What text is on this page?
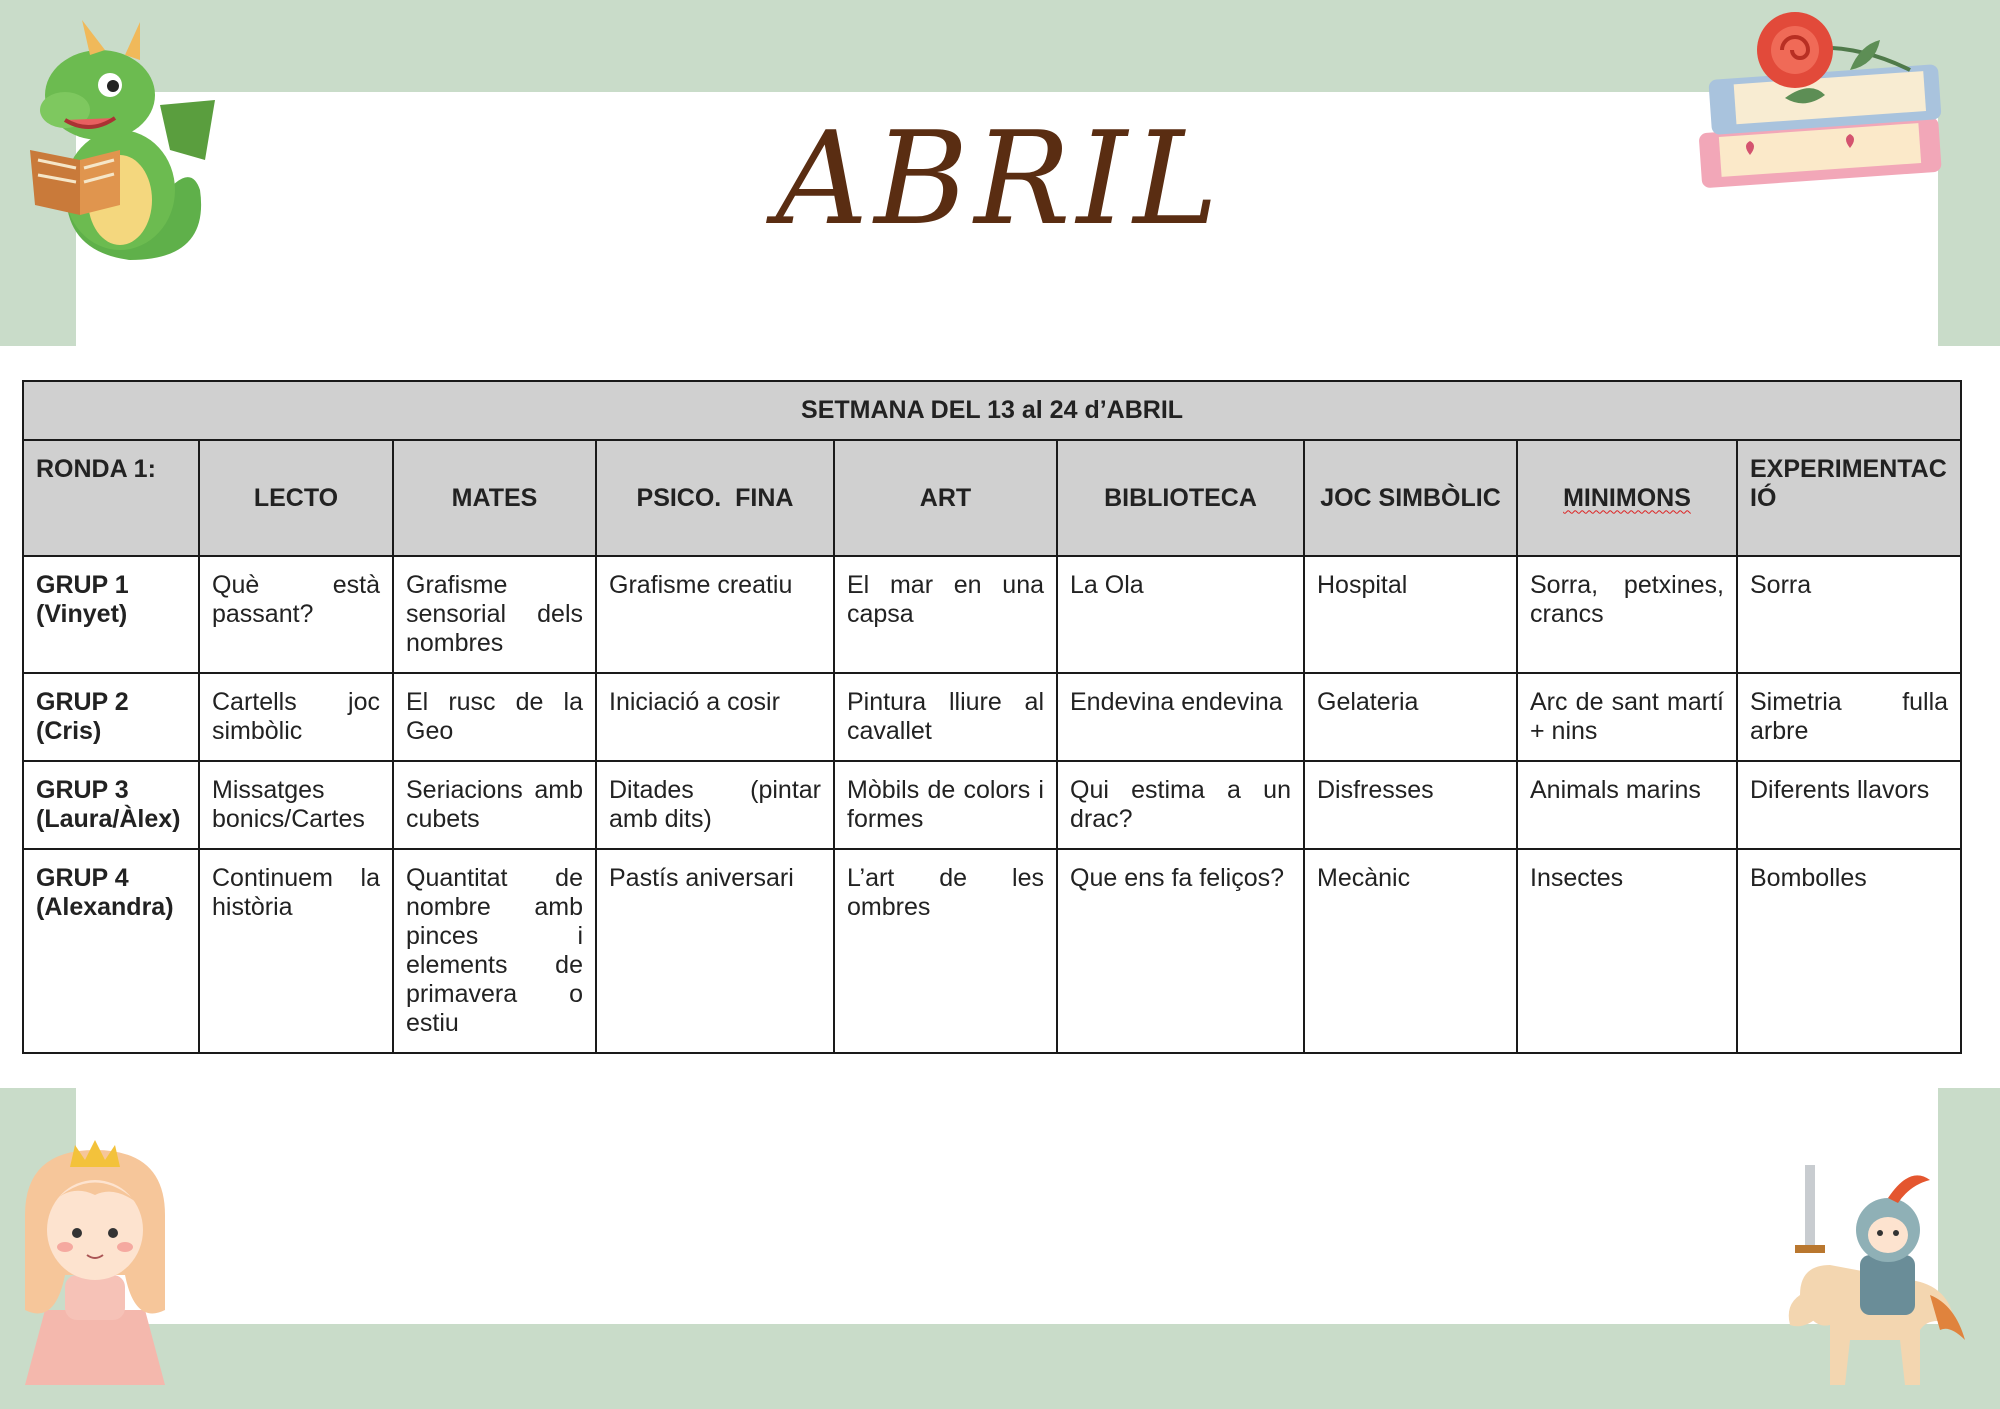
ABRIL
SETMANA DEL 13 al 24 d’ABRIL								
RONDA 1:	LECTO	MATES	PSICO.  FINA	ART	BIBLIOTECA	JOC SIMBÒLIC	MINIMONS	EXPERIMENTACIÓ
GRUP 1 (Vinyet)	Què està passant?	Grafisme sensorial dels nombres	Grafisme creatiu	El mar en una capsa	La Ola	Hospital	Sorra, petxines, crancs	Sorra
GRUP 2 (Cris)	Cartells joc simbòlic	El rusc de la Geo	Iniciació a cosir	Pintura lliure al cavallet	Endevina endevina	Gelateria	Arc de sant martí + nins	Simetria fulla arbre
GRUP 3 (Laura/Àlex)	Missatges bonics/Cartes	Seriacions amb cubets	Ditades (pintar amb dits)	Mòbils de colors i formes	Qui estima a un drac?	Disfresses	Animals marins	Diferents llavors
GRUP 4 (Alexandra)	Continuem la història	Quantitat de nombre amb pinces i elements de primavera o estiu	Pastís aniversari	L’art de les ombres	Que ens fa feliços?	Mecànic	Insectes	Bombolles
